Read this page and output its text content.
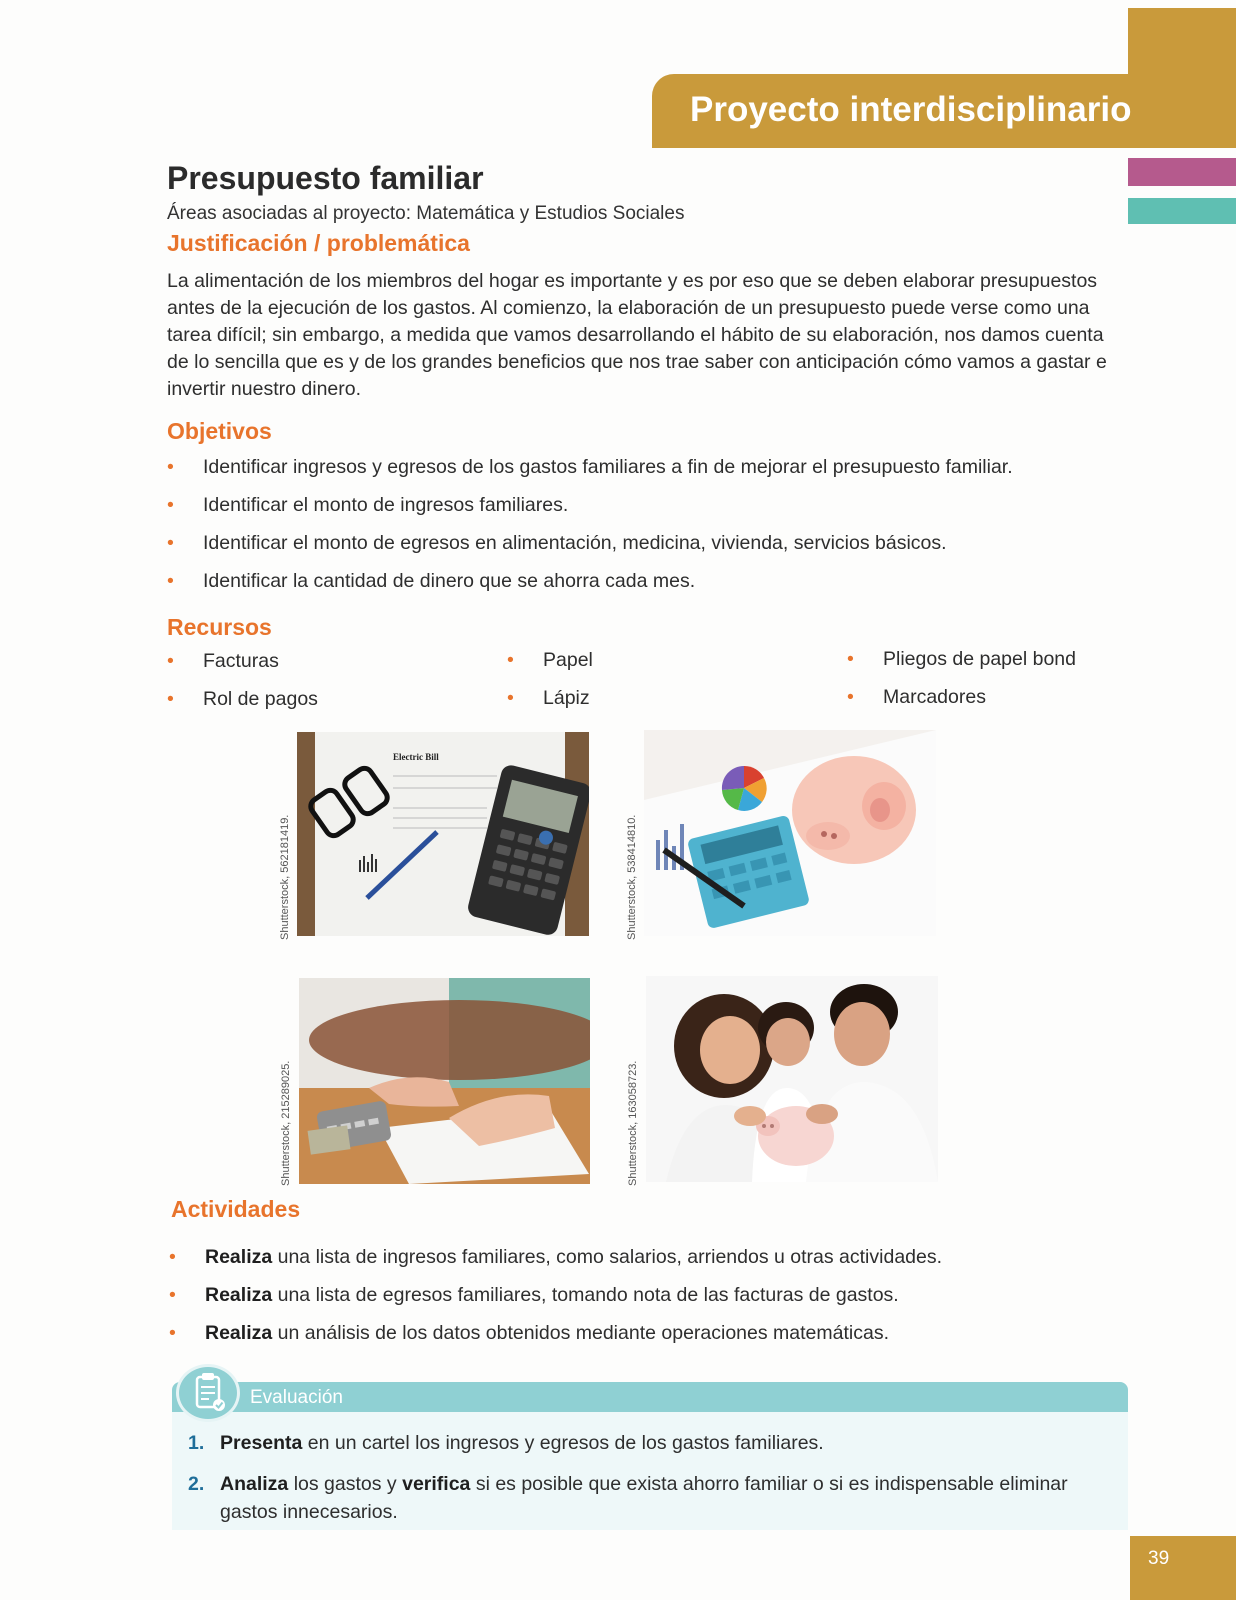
Proyecto interdisciplinario
Presupuesto familiar
Áreas asociadas al proyecto: Matemática y Estudios Sociales
Justificación / problemática
La alimentación de los miembros del hogar es importante y es por eso que se deben elaborar presupuestos antes de la ejecución de los gastos. Al comienzo, la elaboración de un presupuesto puede verse como una tarea difícil; sin embargo, a medida que vamos desarrollando el hábito de su elaboración, nos damos cuenta de lo sencilla que es y de los grandes beneficios que nos trae saber con anticipación cómo vamos a gastar e invertir nuestro dinero.
Objetivos
• Identificar ingresos y egresos de los gastos familiares a fin de mejorar el presupuesto familiar.
• Identificar el monto de ingresos familiares.
• Identificar el monto de egresos en alimentación, medicina, vivienda, servicios básicos.
• Identificar la cantidad de dinero que se ahorra cada mes.
Recursos
• Facturas
• Rol de pagos
• Papel
• Lápiz
• Pliegos de papel bond
• Marcadores
Electric Bill
Shutterstock, 562181419.	Shutterstock, 538414810.
Shutterstock, 215289025.	Shutterstock, 163058723.
Actividades
• Realiza una lista de ingresos familiares, como salarios, arriendos u otras actividades.
• Realiza una lista de egresos familiares, tomando nota de las facturas de gastos.
• Realiza un análisis de los datos obtenidos mediante operaciones matemáticas.
Evaluación
1. Presenta en un cartel los ingresos y egresos de los gastos familiares.
2. Analiza los gastos y verifica si es posible que exista ahorro familiar o si es indispensable eliminar gastos innecesarios.
39
